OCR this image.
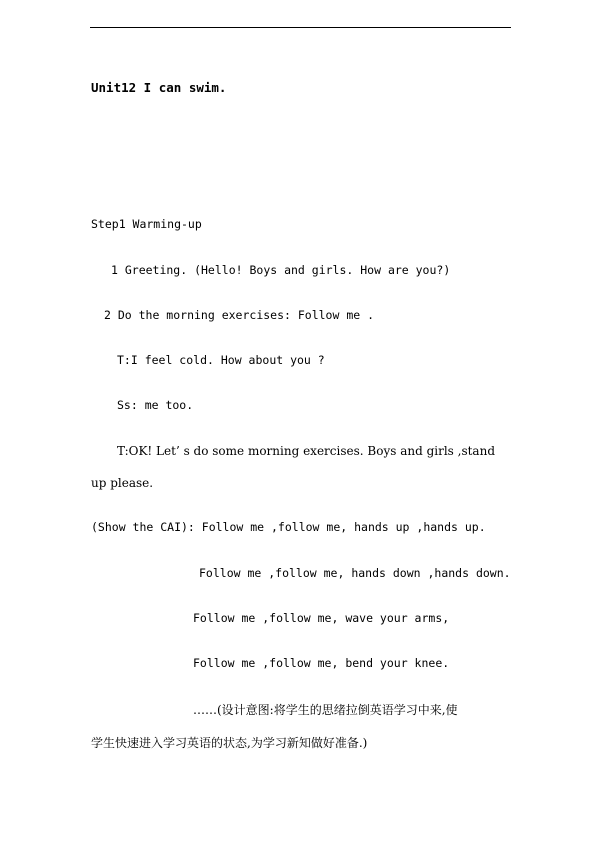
Unit12 I can swim.
Step1 Warming-up
1 Greeting. (Hello! Boys and girls. How are you?)
2 Do the morning exercises: Follow me .
T:I feel cold. How about you ?
Ss: me too.
T:OK! Let’ s do some morning exercises. Boys and girls ,stand
up please.
(Show the CAI): Follow me ,follow me, hands up ,hands up.
Follow me ,follow me, hands down ,hands down.
Follow me ,follow me, wave your arms,
Follow me ,follow me, bend your knee.
……(设计意图:将学生的思绪拉倒英语学习中来,使
学生快速进入学习英语的状态,为学习新知做好准备.)
